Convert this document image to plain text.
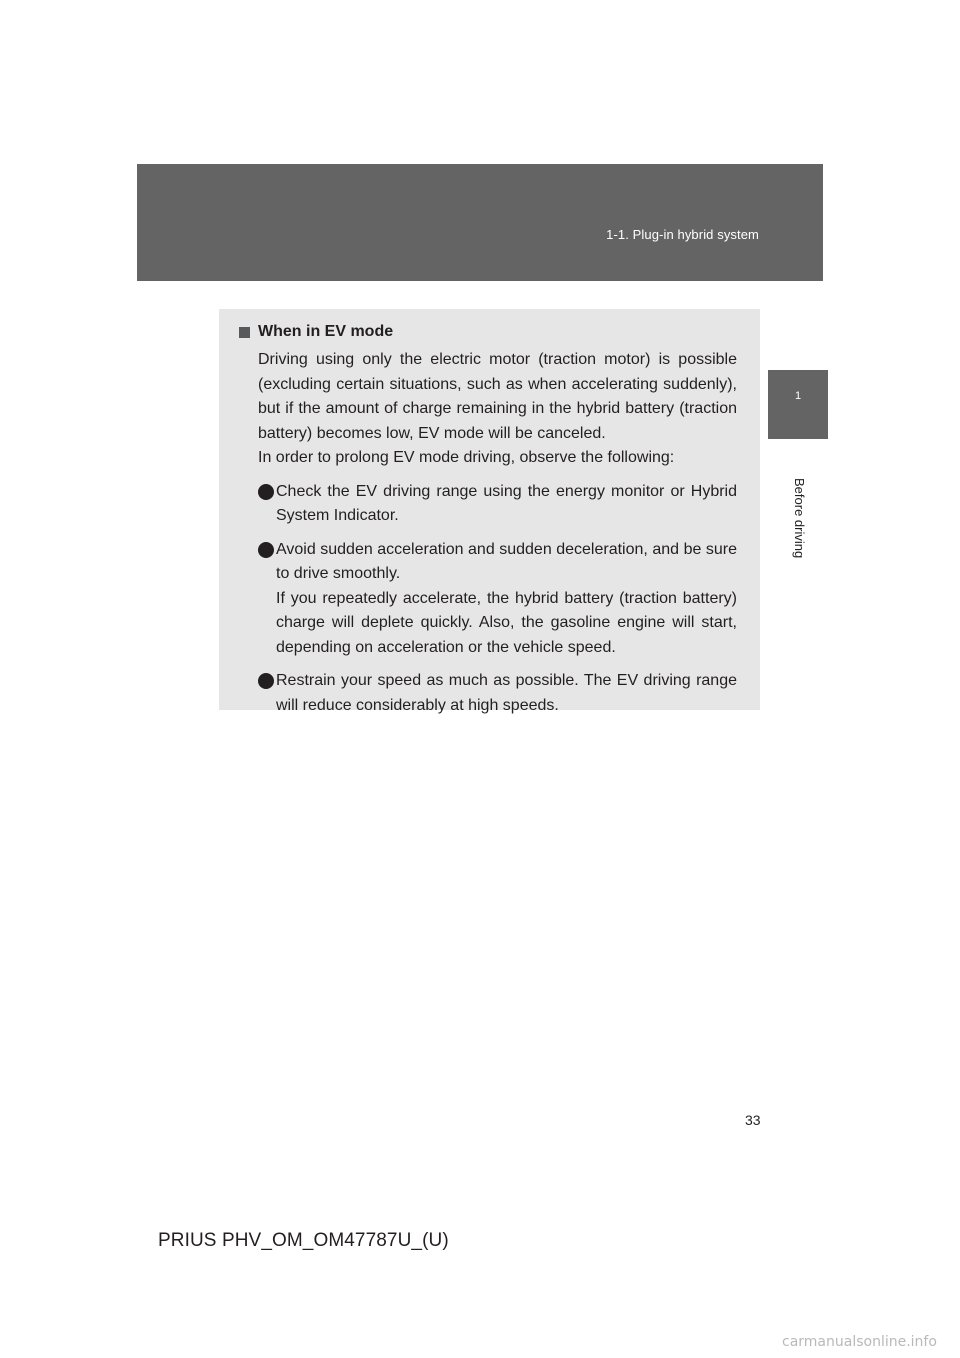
1-1. Plug-in hybrid system
1
Before driving
When in EV mode

Driving using only the electric motor (traction motor) is possible (excluding certain situations, such as when accelerating suddenly), but if the amount of charge remaining in the hybrid battery (traction battery) becomes low, EV mode will be canceled.

In order to prolong EV mode driving, observe the following:

Check the EV driving range using the energy monitor or Hybrid System Indicator.

Avoid sudden acceleration and sudden deceleration, and be sure to drive smoothly.

If you repeatedly accelerate, the hybrid battery (traction battery) charge will deplete quickly. Also, the gasoline engine will start, depending on acceleration or the vehicle speed.

Restrain your speed as much as possible. The EV driving range will reduce considerably at high speeds.

33
PRIUS PHV_OM_OM47787U_(U)
carmanualsonline.info
